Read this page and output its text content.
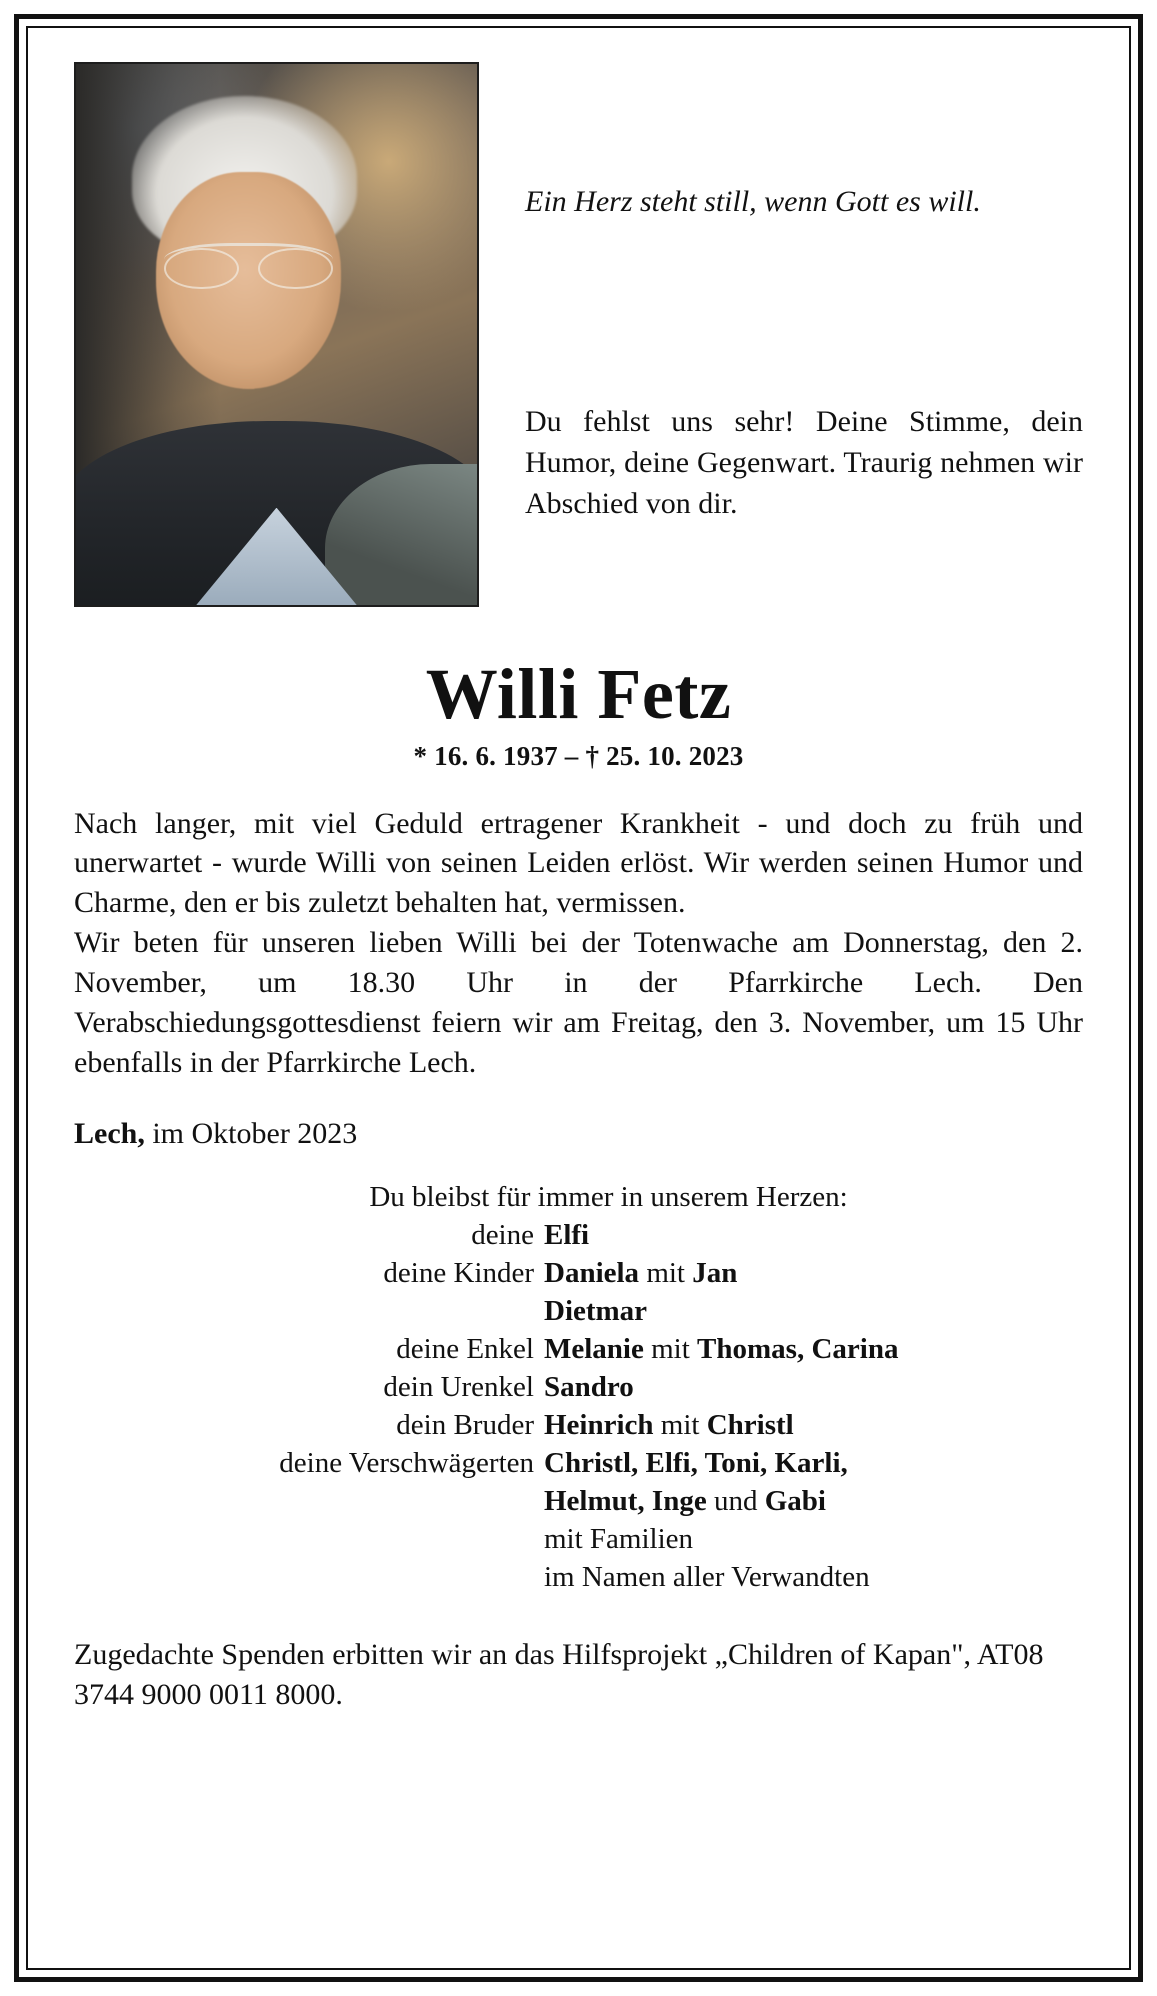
Ein Herz steht still, wenn Gott es will.
Du fehlst uns sehr! Deine Stimme, dein Humor, deine Gegenwart. Traurig nehmen wir Abschied von dir.
Willi Fetz
* 16. 6. 1937 – † 25. 10. 2023

Nach langer, mit viel Geduld ertragener Krankheit - und doch zu früh und unerwartet - wurde Willi von seinen Leiden erlöst. Wir werden seinen Humor und Charme, den er bis zuletzt behalten hat, vermissen.

Wir beten für unseren lieben Willi bei der Totenwache am Donnerstag, den 2. November, um 18.30 Uhr in der Pfarrkirche Lech. Den Verabschiedungsgottesdienst feiern wir am Freitag, den 3. November, um 15 Uhr ebenfalls in der Pfarrkirche Lech.

Lech, im Oktober 2023
Du bleibst für immer in unserem Herzen:
deine Elfi
deine Kinder Daniela mit Jan
Dietmar
deine Enkel Melanie mit Thomas, Carina
dein Urenkel Sandro
dein Bruder Heinrich mit Christl
deine Verschwägerten Christl, Elfi, Toni, Karli,
Helmut, Inge und Gabi
mit Familien
im Namen aller Verwandten
Zugedachte Spenden erbitten wir an das Hilfsprojekt „Children of Kapan", AT08 3744 9000 0011 8000.
